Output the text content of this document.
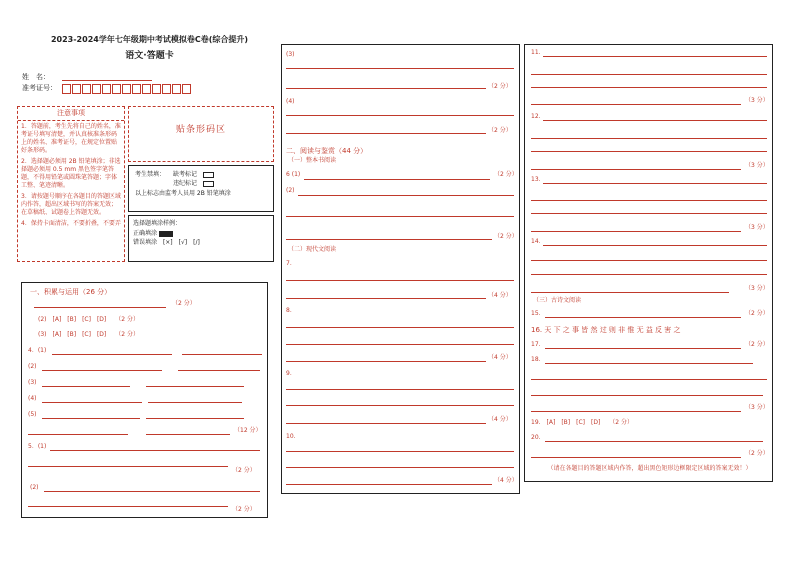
2023-2024学年七年级期中考试模拟卷C卷(综合提升)
语文·答题卡
姓　名：
准考证号：
注意事项
1．答题前，考生先将自己的姓名，准考证号填写清楚，并认真核准条形码上的姓名、准考证号，在规定位置贴好条形码。
2．选择题必须用 2B 铅笔填涂；非选择题必须用 0.5 mm 黑色签字笔答题，不得用铅笔或圆珠笔答题；字体工整、笔迹清晰。
3．请按题号顺序在各题目的答题区域内作答，超出区域书写的答案无效；在草稿纸、试题卷上答题无效。
4．保持卡面清洁，不要折叠，不要弄
贴条形码区
考生禁填： 缺考标记
违纪标记
以上标志由监考人员用 2B 铅笔填涂
选择题填涂样例：
正确填涂
错误填涂 [×]　[√]　[/]
一、积累与运用（26 分）
（2 分）
(2)　[A]　[B]　[C]　[D]　　（2 分）
(3)　[A]　[B]　[C]　[D]　　（2 分）
4．(1)
(2)
(3)
(4)
(5)
（12 分）
5．(1)
（2 分）
(2)
（2 分）
(3)
（2 分）
(4)
（2 分）
二、阅读与鉴赏（44 分）
（一）整本书阅读
6 (1)	（2 分）
(2)
（2 分）
（二）现代文阅读
7.
（4 分）
8.
（4 分）
9.
（4 分）
10.
（4 分）
11.
（3 分）
12.
（3 分）
13.
（3 分）
14.
（3 分）
（三）古诗文阅读
15.	（2 分）
16. 天 下 之 事 皆 然 过 则 非 惟 无 益 反 害 之
17.	（2 分）
18.
（3 分）
19.　[A]　[B]　[C]　[D]　　（2 分）
20.
（2 分）
（请在各题目的答题区域内作答，超出黑色矩形边框限定区域的答案无效！）
